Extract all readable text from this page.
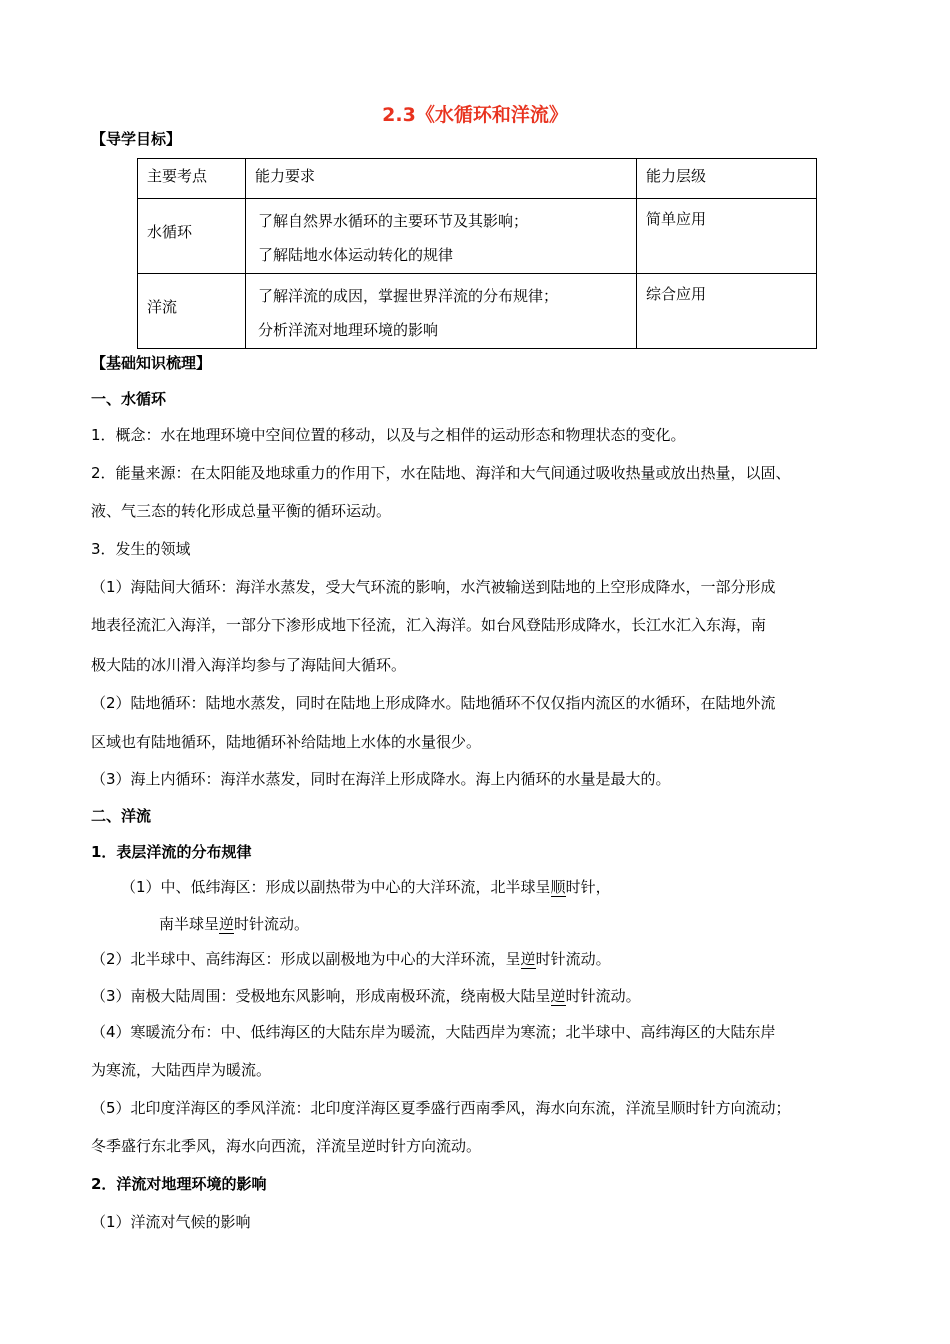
2.3《水循环和洋流》
【导学目标】
主要考点	能力要求	能力层级

水循环	了解自然界水循环的主要环节及其影响；
了解陆地水体运动转化的规律	简单应用

洋流	了解洋流的成因，掌握世界洋流的分布规律；
分析洋流对地理环境的影响	综合应用
【基础知识梳理】
一、水循环
1．概念：水在地理环境中空间位置的移动，以及与之相伴的运动形态和物理状态的变化。
2．能量来源：在太阳能及地球重力的作用下，水在陆地、海洋和大气间通过吸收热量或放出热量，以固、
液、气三态的转化形成总量平衡的循环运动。
3．发生的领域
（1）海陆间大循环：海洋水蒸发，受大气环流的影响，水汽被输送到陆地的上空形成降水，一部分形成
地表径流汇入海洋，一部分下渗形成地下径流，汇入海洋。如台风登陆形成降水，长江水汇入东海，南
极大陆的冰川滑入海洋均参与了海陆间大循环。
（2）陆地循环：陆地水蒸发，同时在陆地上形成降水。陆地循环不仅仅指内流区的水循环，在陆地外流
区域也有陆地循环，陆地循环补给陆地上水体的水量很少。
（3）海上内循环：海洋水蒸发，同时在海洋上形成降水。海上内循环的水量是最大的。
二、洋流
1．表层洋流的分布规律
（1）中、低纬海区：形成以副热带为中心的大洋环流，北半球呈顺时针，
南半球呈逆时针流动。
（2）北半球中、高纬海区：形成以副极地为中心的大洋环流，呈逆时针流动。
（3）南极大陆周围：受极地东风影响，形成南极环流，绕南极大陆呈逆时针流动。
（4）寒暖流分布：中、低纬海区的大陆东岸为暖流，大陆西岸为寒流；北半球中、高纬海区的大陆东岸
为寒流，大陆西岸为暖流。
（5）北印度洋海区的季风洋流：北印度洋海区夏季盛行西南季风，海水向东流，洋流呈顺时针方向流动；
冬季盛行东北季风，海水向西流，洋流呈逆时针方向流动。
2．洋流对地理环境的影响
（1）洋流对气候的影响
